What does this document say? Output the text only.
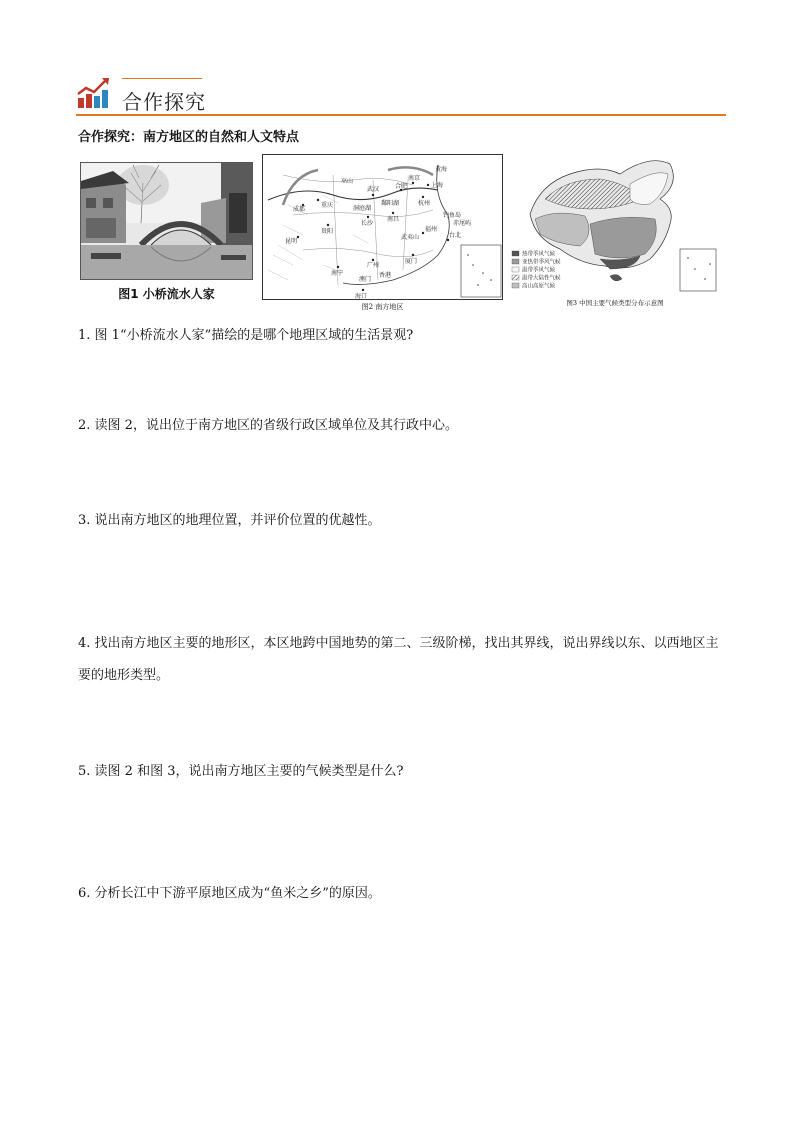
合作探究
合作探究：南方地区的自然和人文特点
图1 小桥流水人家
黄海
上海
南京
杭州
合肥
武汉
长沙
南昌
福州
台北
贵阳
昆明
南宁
广州
海口
厦门
重庆
成都
巫山
武夷山
鄱阳湖
洞庭湖
钓鱼岛
赤尾屿
香港
澳门
图2 南方地区
热带季风气候
亚热带季风气候
温带季风气候
温带大陆性气候
高山高原气候
图3 中国主要气候类型分布示意图
1. 图 1“小桥流水人家”描绘的是哪个地理区域的生活景观?
2. 读图 2，说出位于南方地区的省级行政区域单位及其行政中心。
3. 说出南方地区的地理位置，并评价位置的优越性。
4. 找出南方地区主要的地形区，本区地跨中国地势的第二、三级阶梯，找出其界线，说出界线以东、以西地区主要的地形类型。
5. 读图 2 和图 3，说出南方地区主要的气候类型是什么?
6. 分析长江中下游平原地区成为“鱼米之乡”的原因。
